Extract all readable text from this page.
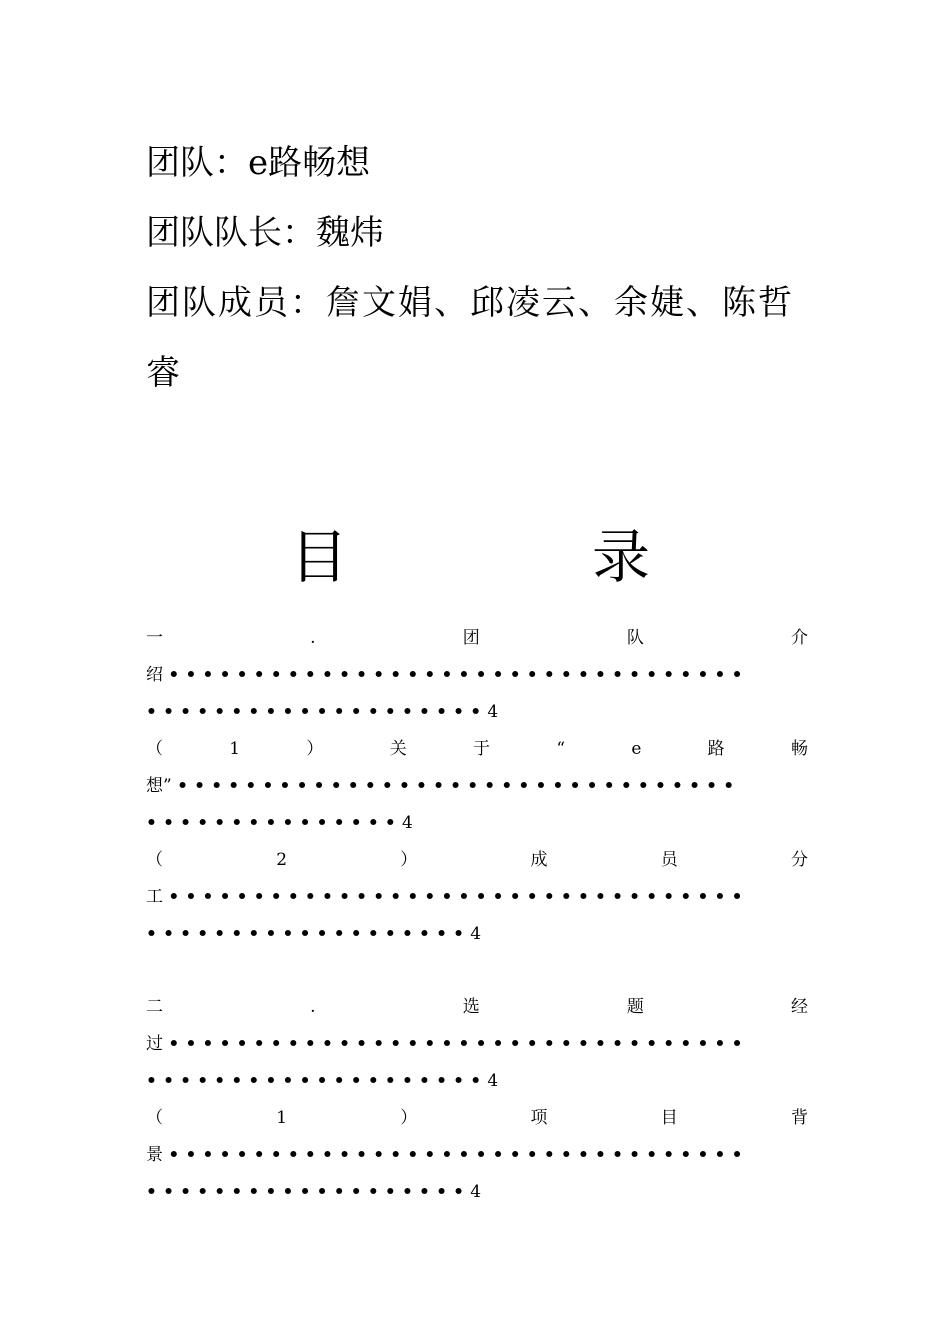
团队：e路畅想
团队队长：魏炜
团队成员：詹文娟、邱凌云、余婕、陈哲睿
目	录
一	.	团	队	介
绍 ••••••••••••••••••••••••••••••••••
••••••••••••••••••••4
（	1	）	关	于	“	e	路	畅
想” •••••••••••••••••••••••••••••••••
•••••••••••••••4
（	2	）	成	员	分
工 ••••••••••••••••••••••••••••••••••
•••••••••••••••••••4
二	.	选	题	经
过 ••••••••••••••••••••••••••••••••••
••••••••••••••••••••4
（	1	）	项	目	背
景 ••••••••••••••••••••••••••••••••••
•••••••••••••••••••4
